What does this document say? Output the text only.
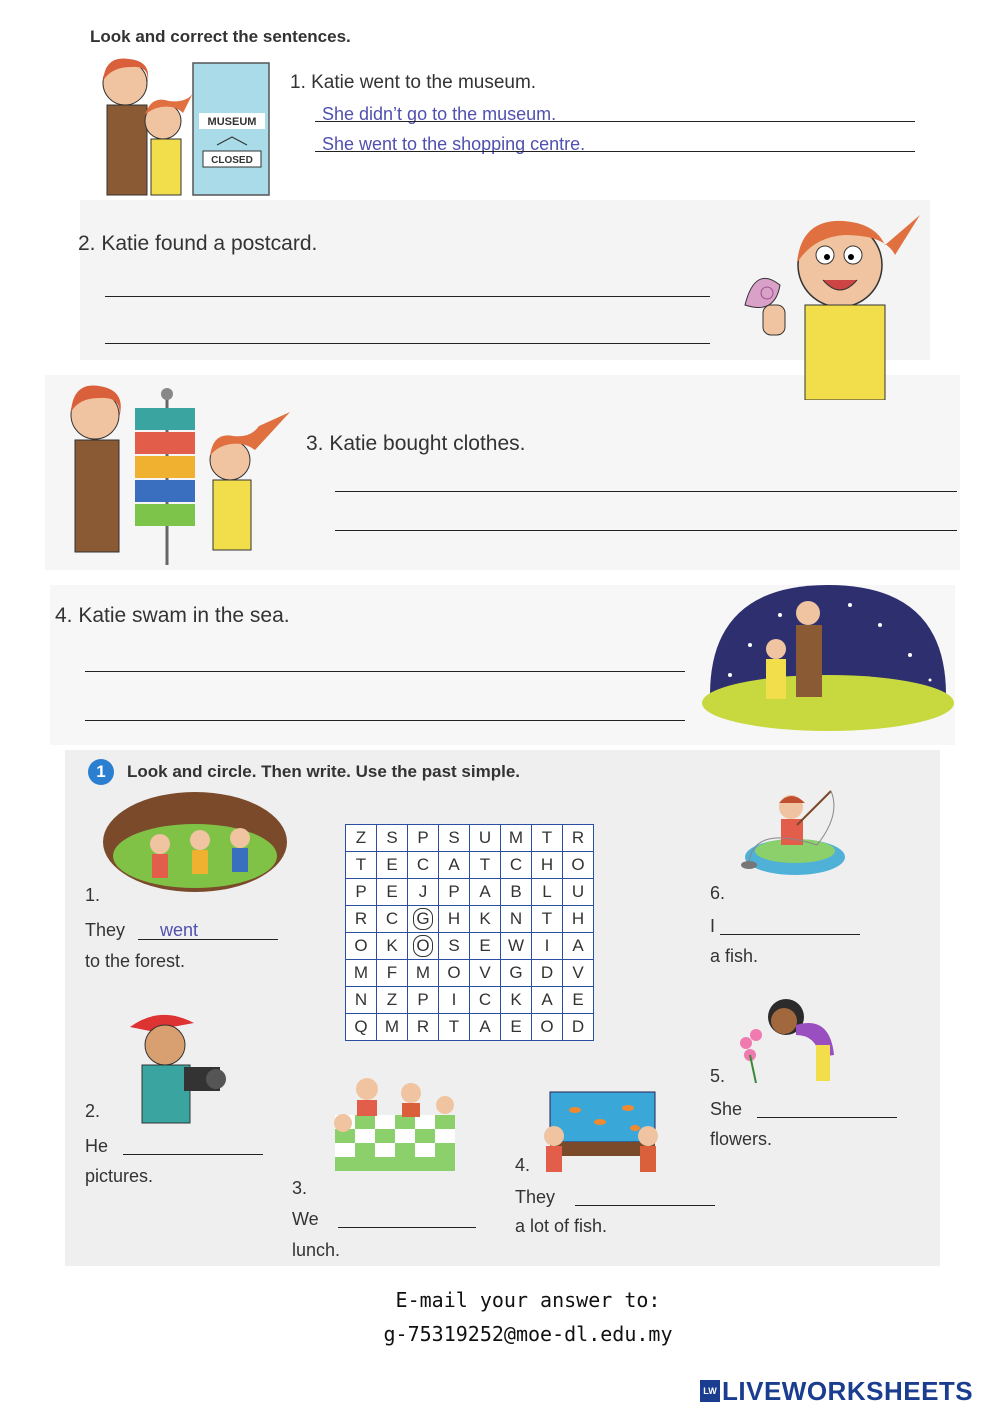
Look and correct the sentences.
MUSEUM
CLOSED
1. Katie went to the museum.
She didn’t go to the museum.
She went to the shopping centre.
2. Katie found a postcard.
3. Katie bought clothes.
4. Katie swam in the sea.
1	Look and circle. Then write. Use the past simple.
1.
They went
to the forest.
Z	S	P	S	U	M	T	R
T	E	C	A	T	C	H	O
P	E	J	P	A	B	L	U
R	C	G	H	K	N	T	H
O	K	O	S	E	W	I	A
M	F	M	O	V	G	D	V
N	Z	P	I	C	K	A	E
Q	M	R	T	A	E	O	D
2.
He
pictures.
3.
We
lunch.
4.
They
a lot of fish.
6.
I
a fish.
5.
She
flowers.
E-mail your answer to:
g-75319252@moe-dl.edu.my
LW LIVEWORKSHEETS
